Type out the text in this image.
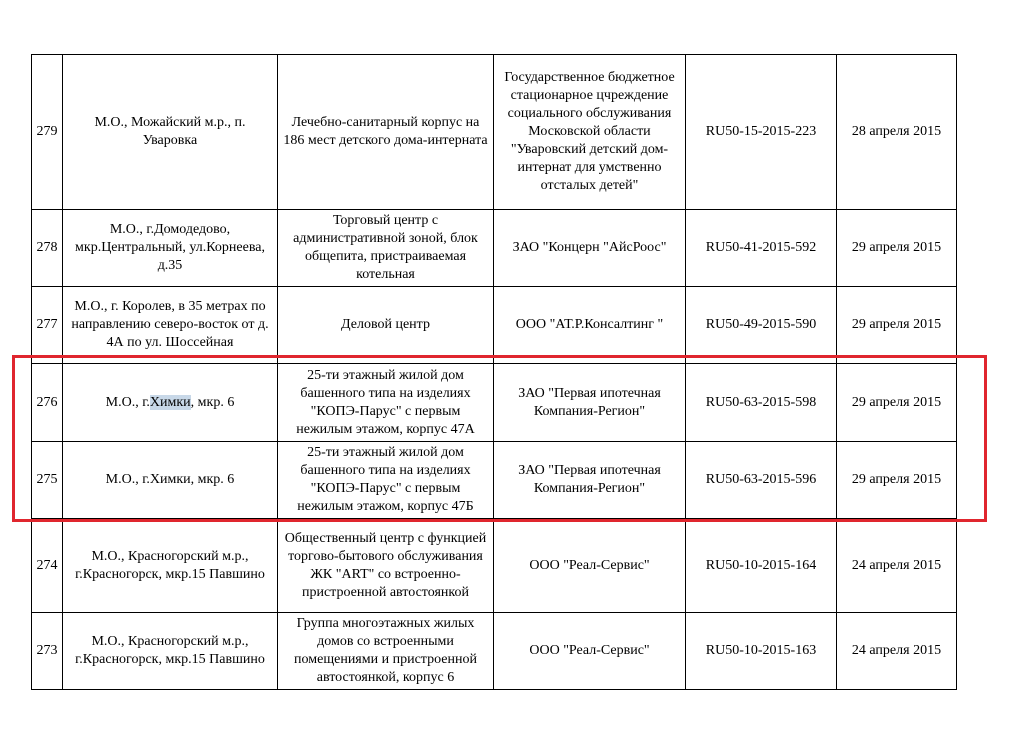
279	М.О., Можайский м.р., п. Уваровка	Лечебно-санитарный корпус на 186 мест детского дома-интерната	Государственное бюджетное стационарное цчреждение социального обслуживания Московской области "Уваровский детский дом-интернат для умственно отсталых детей"	RU50-15-2015-223	28 апреля 2015
278	М.О., г.Домодедово, мкр.Центральный, ул.Корнеева, д.35	Торговый центр с административной зоной, блок общепита, пристраиваемая котельная	ЗАО "Концерн "АйсРоос"	RU50-41-2015-592	29 апреля 2015
277	М.О., г. Королев, в 35 метрах по направлению северо-восток от д. 4А по ул. Шоссейная	Деловой центр	ООО "АТ.Р.Консалтинг "	RU50-49-2015-590	29 апреля 2015
276	М.О., г.Химки, мкр. 6	25-ти этажный жилой дом башенного типа на изделиях "КОПЭ-Парус" с первым нежилым этажом, корпус 47А	ЗАО "Первая ипотечная Компания-Регион"	RU50-63-2015-598	29 апреля 2015
275	М.О., г.Химки, мкр. 6	25-ти этажный жилой дом башенного типа на изделиях "КОПЭ-Парус" с первым нежилым этажом, корпус 47Б	ЗАО "Первая ипотечная Компания-Регион"	RU50-63-2015-596	29 апреля 2015
274	М.О., Красногорский м.р., г.Красногорск, мкр.15 Павшино	Общественный центр с функцией торгово-бытового обслуживания ЖК "ART" со встроенно-пристроенной автостоянкой	ООО "Реал-Сервис"	RU50-10-2015-164	24 апреля 2015
273	М.О., Красногорский м.р., г.Красногорск, мкр.15 Павшино	Группа многоэтажных жилых домов со встроенными помещениями и пристроенной автостоянкой, корпус 6	ООО "Реал-Сервис"	RU50-10-2015-163	24 апреля 2015
